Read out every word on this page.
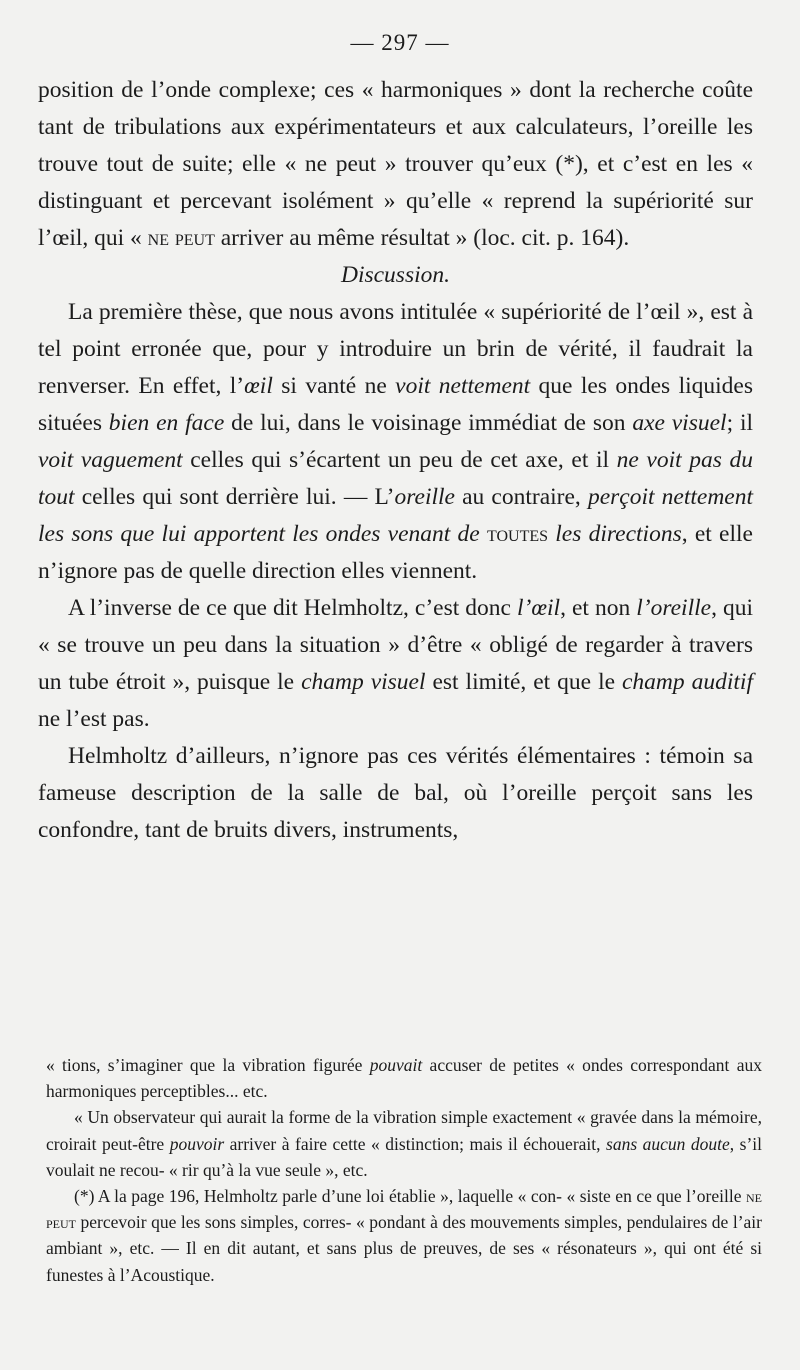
— 297 —

position de l’onde complexe; ces « harmoniques » dont la recherche coûte tant de tribulations aux expérimentateurs et aux calculateurs, l’oreille les trouve tout de suite; elle « ne peut » trouver qu’eux (*), et c’est en les « distinguant et percevant isolément » qu’elle « reprend la supériorité sur l’œil, qui « ne peut arriver au même résultat » (loc. cit. p. 164).

Discussion.

La première thèse, que nous avons intitulée « supériorité de l’œil », est à tel point erronée que, pour y introduire un brin de vérité, il faudrait la renverser. En effet, l’œil si vanté ne voit nettement que les ondes liquides situées bien en face de lui, dans le voisinage immédiat de son axe visuel; il voit vaguement celles qui s’écartent un peu de cet axe, et il ne voit pas du tout celles qui sont derrière lui. — L’oreille au contraire, perçoit nettement les sons que lui apportent les ondes venant de toutes les directions, et elle n’ignore pas de quelle direction elles viennent.

A l’inverse de ce que dit Helmholtz, c’est donc l’œil, et non l’oreille, qui « se trouve un peu dans la situation » d’être « obligé de regarder à travers un tube étroit », puisque le champ visuel est limité, et que le champ auditif ne l’est pas.

Helmholtz d’ailleurs, n’ignore pas ces vérités élémentaires : témoin sa fameuse description de la salle de bal, où l’oreille perçoit sans les confondre, tant de bruits divers, instruments,

« tions, s’imaginer que la vibration figurée pouvait accuser de petites « ondes correspondant aux harmoniques perceptibles... etc.

« Un observateur qui aurait la forme de la vibration simple exactement « gravée dans la mémoire, croirait peut-être pouvoir arriver à faire cette « distinction; mais il échouerait, sans aucun doute, s’il voulait ne recou- « rir qu’à la vue seule », etc.

(*) A la page 196, Helmholtz parle d’une loi établie », laquelle « con- « siste en ce que l’oreille ne peut percevoir que les sons simples, corres- « pondant à des mouvements simples, pendulaires de l’air ambiant », etc. — Il en dit autant, et sans plus de preuves, de ses « résonateurs », qui ont été si funestes à l’Acoustique.
